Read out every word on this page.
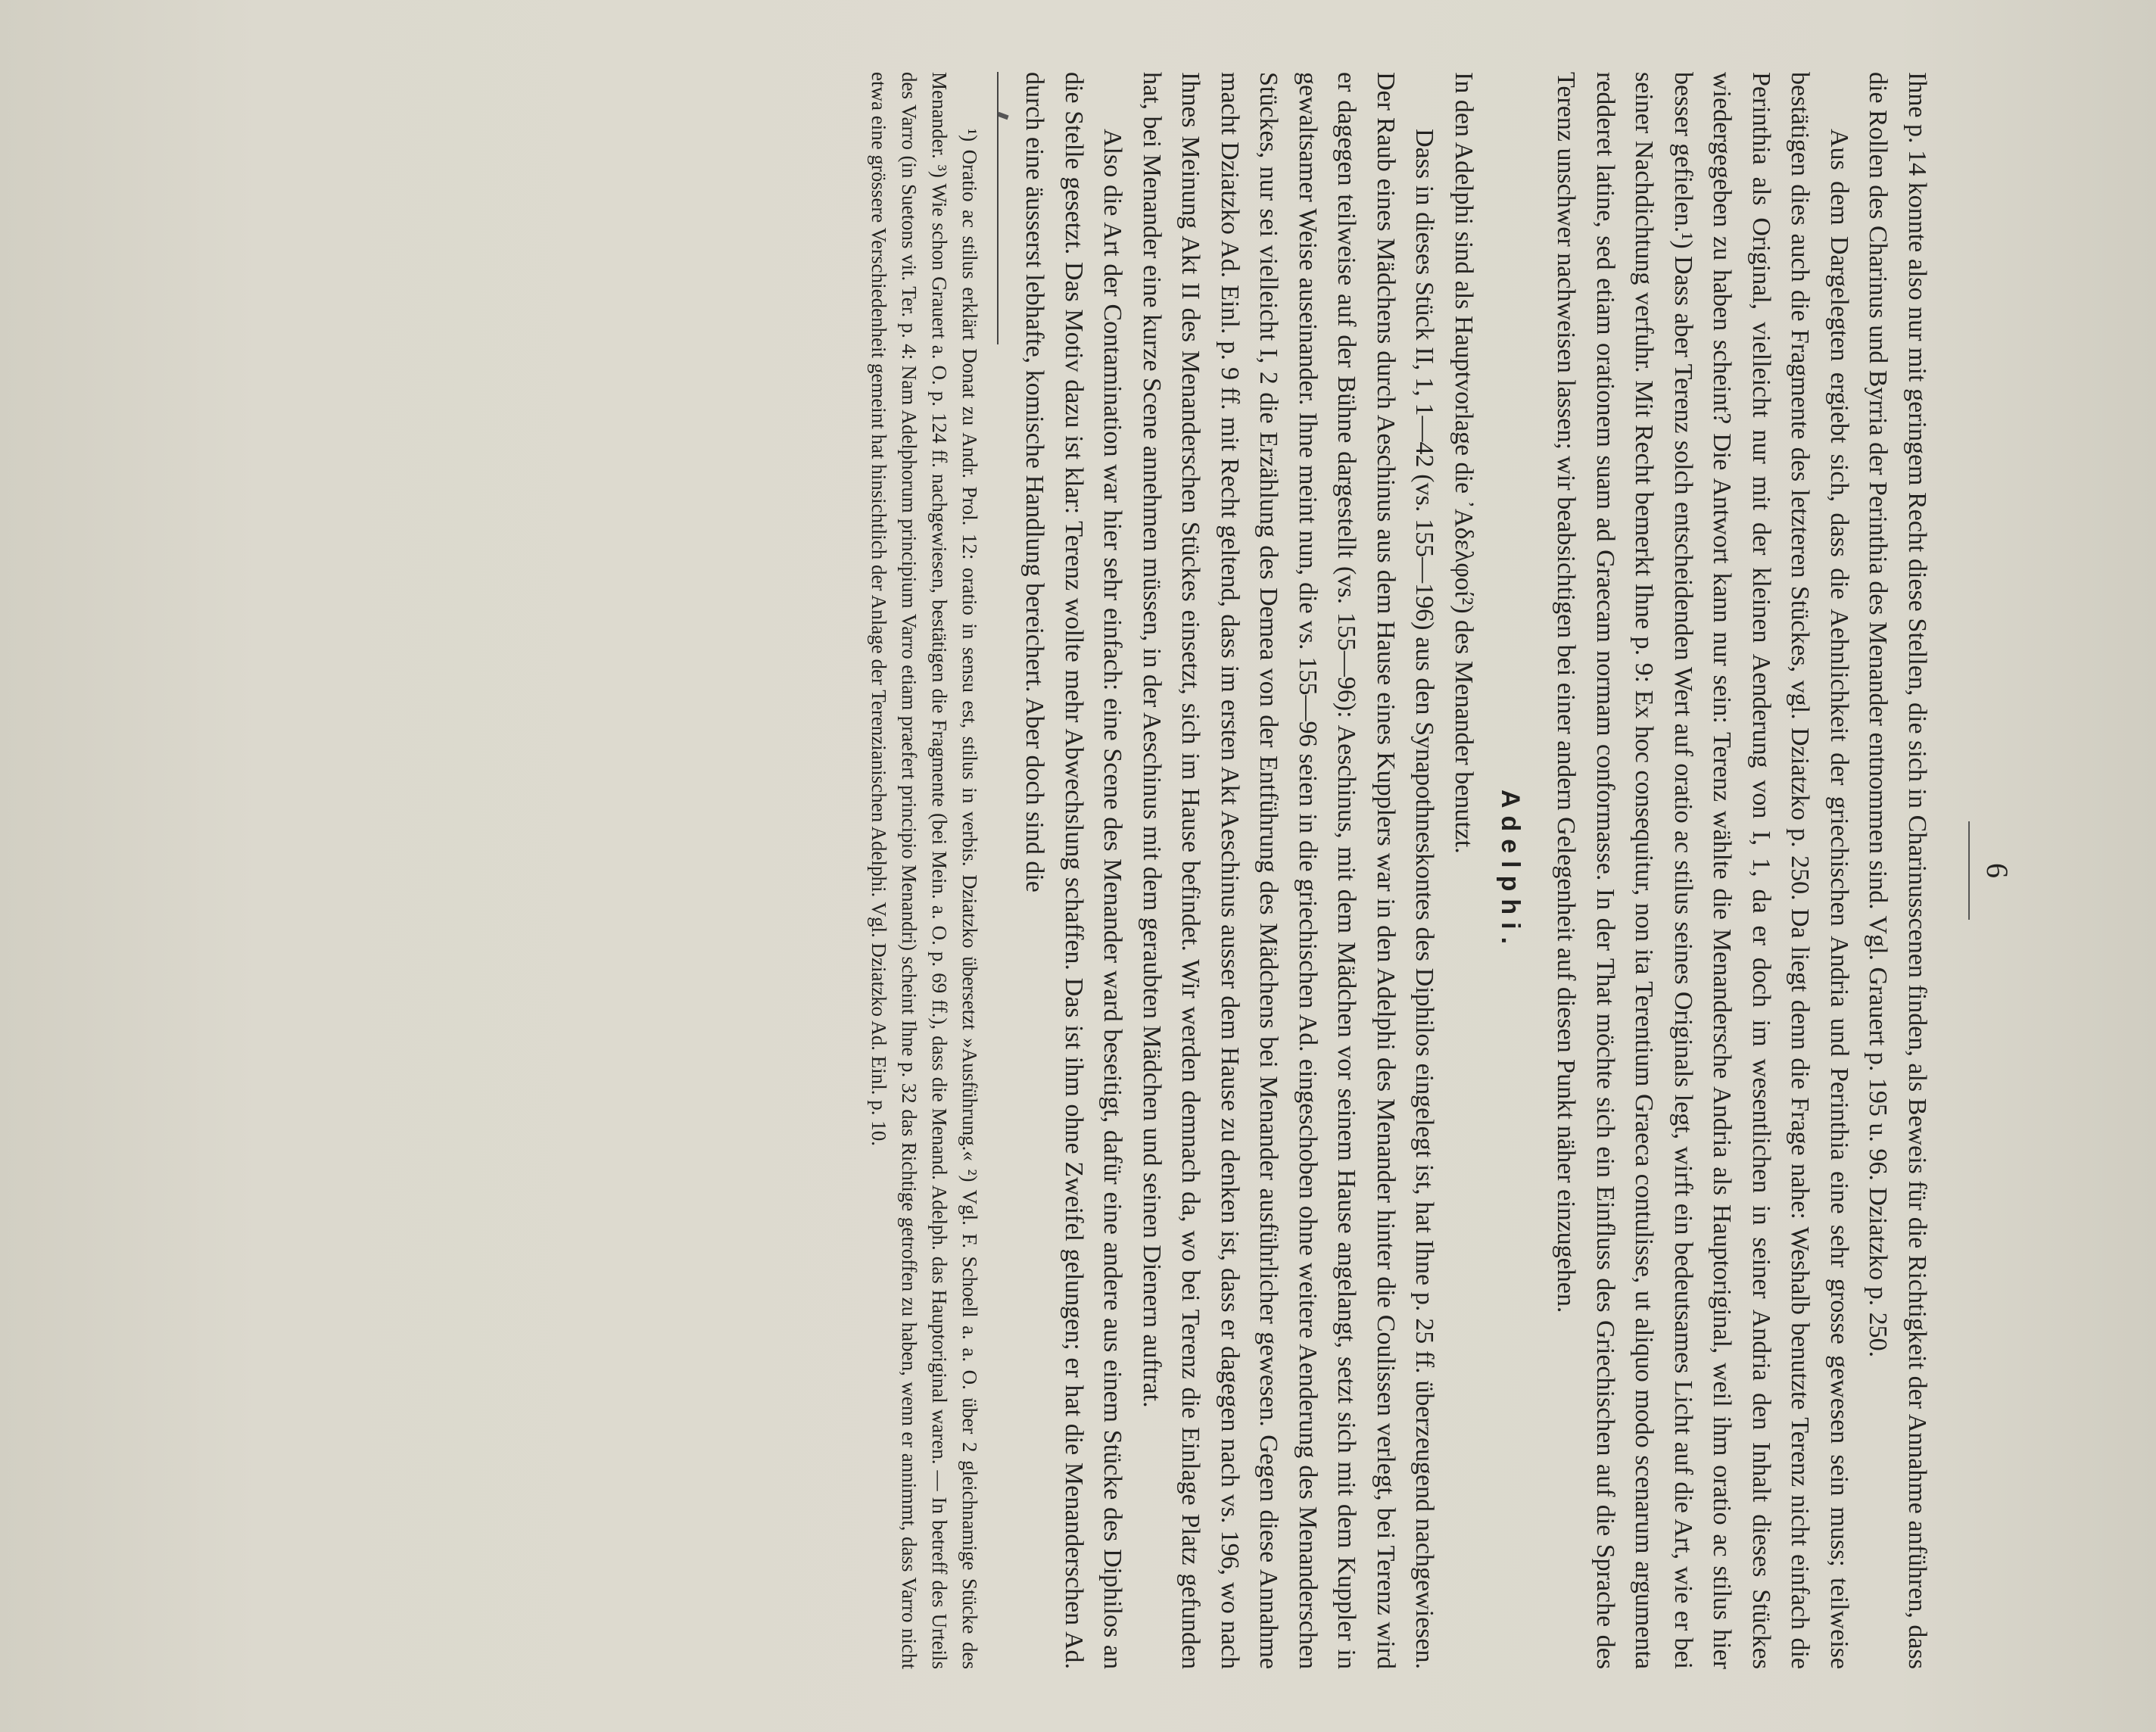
6

Ihne p. 14 konnte also nur mit geringem Recht diese Stellen, die sich in Charinusscenen finden, als Beweis für die Richtigkeit der Annahme anführen, dass die Rollen des Charinus und Byrria der Perinthia des Menander entnommen sind. Vgl. Grauert p. 195 u. 96. Dziatzko p. 250.

Aus dem Dargelegten ergiebt sich, dass die Aehnlichkeit der griechischen Andria und Perinthia eine sehr grosse gewesen sein muss; teilweise bestätigen dies auch die Fragmente des letzteren Stückes, vgl. Dziatzko p. 250. Da liegt denn die Frage nahe: Weshalb benutzte Terenz nicht einfach die Perinthia als Original, vielleicht nur mit der kleinen Aenderung von I, 1, da er doch im wesentlichen in seiner Andria den Inhalt dieses Stückes wiedergegeben zu haben scheint? Die Antwort kann nur sein: Terenz wählte die Menandersche Andria als Hauptoriginal, weil ihm oratio ac stilus hier besser gefielen.¹) Dass aber Terenz solch entscheidenden Wert auf oratio ac stilus seines Originals legt, wirft ein bedeutsames Licht auf die Art, wie er bei seiner Nachdichtung verfuhr. Mit Recht bemerkt Ihne p. 9: Ex hoc consequitur, non ita Terentium Graeca contulisse, ut aliquo modo scenarum argumenta redderet latine, sed etiam orationem suam ad Graecam normam conformasse. In der That möchte sich ein Einfluss des Griechischen auf die Sprache des Terenz unschwer nachweisen lassen; wir beabsichtigen bei einer andern Gelegenheit auf diesen Punkt näher einzugehen.

Adelphi.

In den Adelphi sind als Hauptvorlage die ᾿Αδελφοί²) des Menander benutzt.

Dass in dieses Stück II, 1, 1—42 (vs. 155—196) aus den Synapothneskontes des Diphilos eingelegt ist, hat Ihne p. 25 ff. überzeugend nachgewiesen. Der Raub eines Mädchens durch Aeschinus aus dem Hause eines Kupplers war in den Adelphi des Menander hinter die Coulissen verlegt, bei Terenz wird er dagegen teilweise auf der Bühne dargestellt (vs. 155—96): Aeschinus, mit dem Mädchen vor seinem Hause angelangt, setzt sich mit dem Kuppler in gewaltsamer Weise auseinander. Ihne meint nun, die vs. 155—96 seien in die griechischen Ad. eingeschoben ohne weitere Aenderung des Menanderschen Stückes, nur sei vielleicht I, 2 die Erzählung des Demea von der Entführung des Mädchens bei Menander ausführlicher gewesen. Gegen diese Annahme macht Dziatzko Ad. Einl. p. 9 ff. mit Recht geltend, dass im ersten Akt Aeschinus ausser dem Hause zu denken ist, dass er dagegen nach vs. 196, wo nach Ihnes Meinung Akt II des Menanderschen Stückes einsetzt, sich im Hause befindet. Wir werden demnach da, wo bei Terenz die Einlage Platz gefunden hat, bei Menander eine kurze Scene annehmen müssen, in der Aeschinus mit dem geraubten Mädchen und seinen Dienern auftrat.

Also die Art der Contamination war hier sehr einfach: eine Scene des Menander ward beseitigt, dafür eine andere aus einem Stücke des Diphilos an die Stelle gesetzt. Das Motiv dazu ist klar: Terenz wollte mehr Abwechslung schaffen. Das ist ihm ohne Zweifel gelungen; er hat die Menanderschen Ad. durch eine äusserst lebhafte, komische Handlung bereichert. Aber doch sind die

¹) Oratio ac stilus erklärt Donat zu Andr. Prol. 12: oratio in sensu est, stilus in verbis. Dziatzko übersetzt »Ausführung.« ²) Vgl. F. Schoell a. a. O. über 2 gleichnamige Stücke des Menander. ³) Wie schon Grauert a. O. p. 124 ff. nachgewiesen, bestätigen die Fragmente (bei Mein. a. O. p. 69 ff.), dass die Menand. Adelph. das Hauptoriginal waren. — In betreff des Urteils des Varro (in Suetons vit. Ter. p. 4: Nam Adelphorum principium Varro etiam praefert principio Menandri) scheint Ihne p. 32 das Richtige getroffen zu haben, wenn er annimmt, dass Varro nicht etwa eine grössere Verschiedenheit gemeint hat hinsichtlich der Anlage der Terenzianischen Adelphi. Vgl. Dziatzko Ad. Einl. p. 10.
